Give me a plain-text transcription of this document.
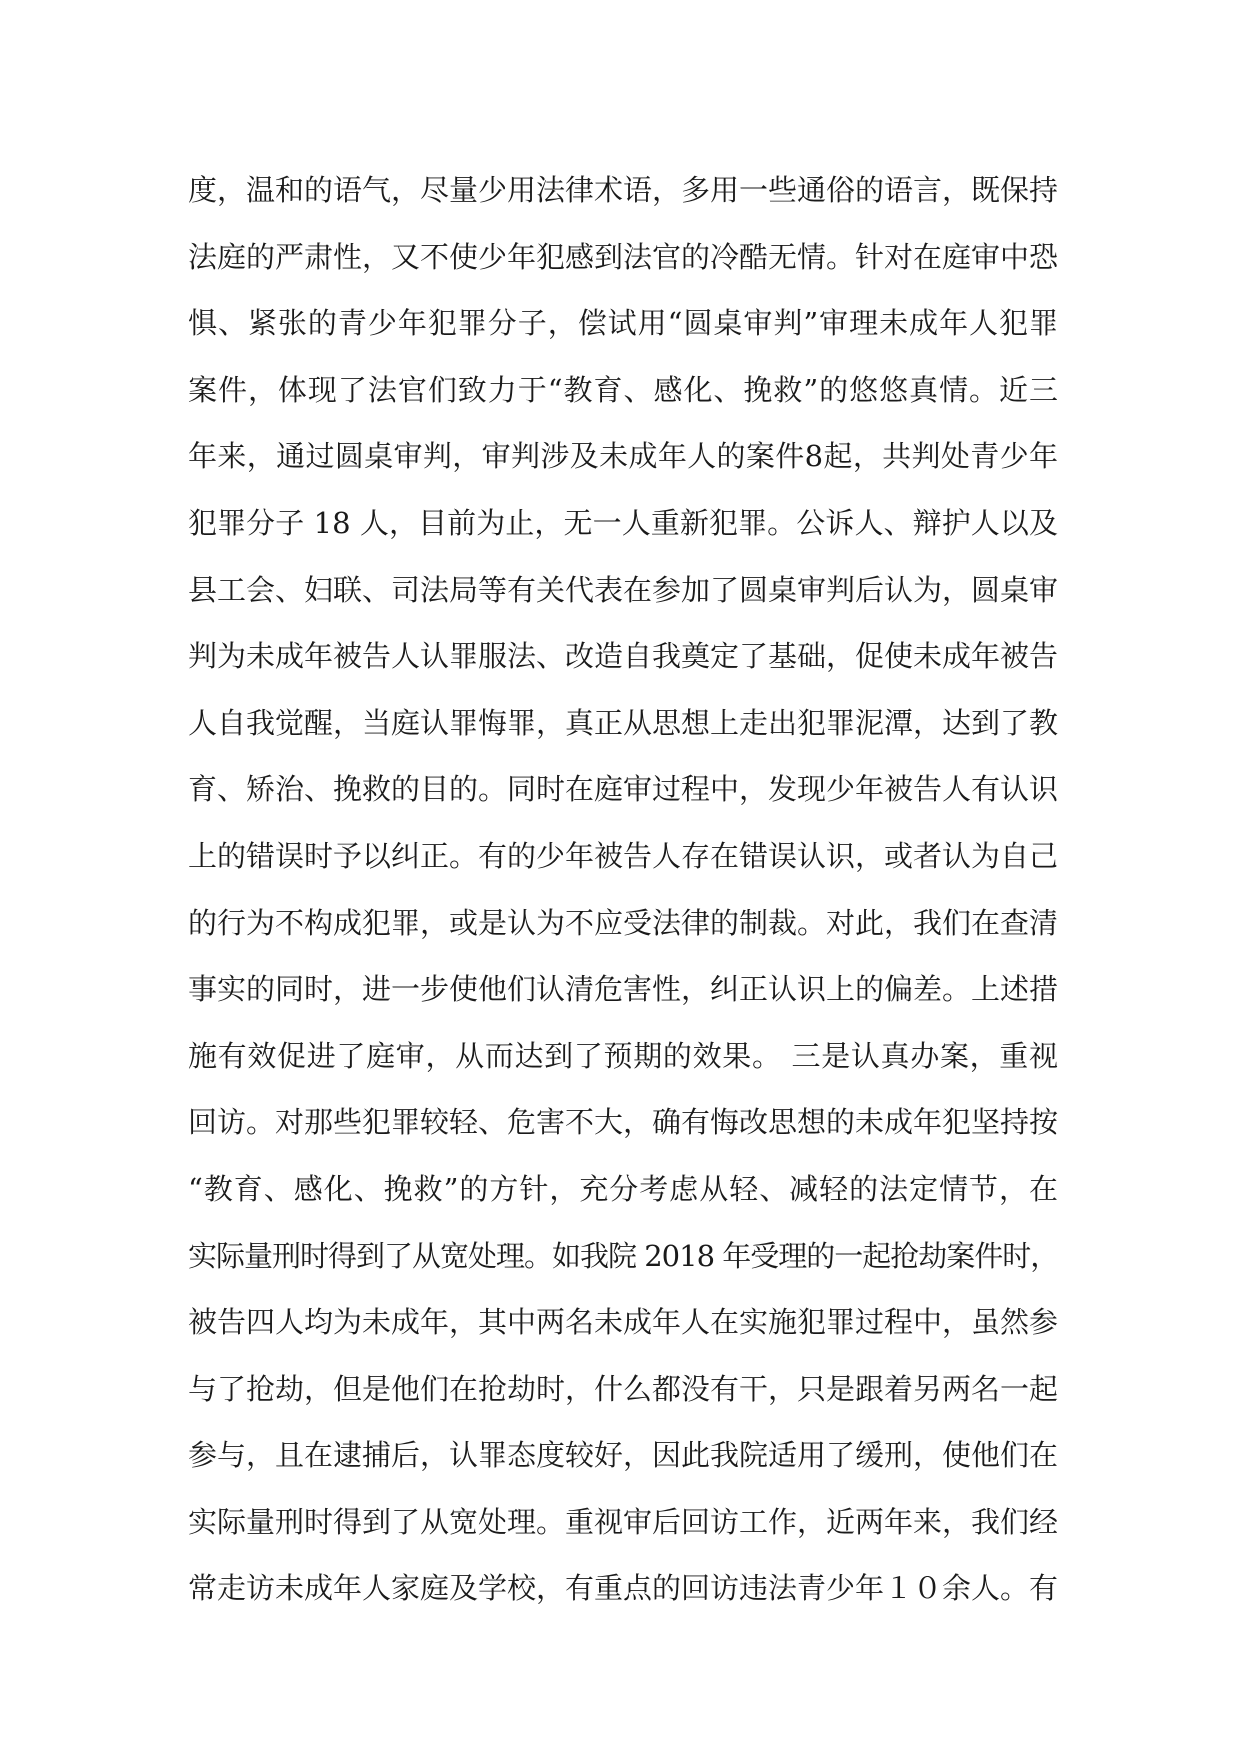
度，温和的语气，尽量少用法律术语，多用一些通俗的语言，既保持
法庭的严肃性，又不使少年犯感到法官的冷酷无情。针对在庭审中恐
惧、紧张的青少年犯罪分子，偿试用“圆桌审判”审理未成年人犯罪
案件，体现了法官们致力于“教育、感化、挽救”的悠悠真情。近三
年来，通过圆桌审判，审判涉及未成年人的案件8起，共判处青少年
犯罪分子 18 人，目前为止，无一人重新犯罪。公诉人、辩护人以及
县工会、妇联、司法局等有关代表在参加了圆桌审判后认为，圆桌审
判为未成年被告人认罪服法、改造自我奠定了基础，促使未成年被告
人自我觉醒，当庭认罪悔罪，真正从思想上走出犯罪泥潭，达到了教
育、矫治、挽救的目的。同时在庭审过程中，发现少年被告人有认识
上的错误时予以纠正。有的少年被告人存在错误认识，或者认为自己
的行为不构成犯罪，或是认为不应受法律的制裁。对此，我们在查清
事实的同时，进一步使他们认清危害性，纠正认识上的偏差。上述措
施有效促进了庭审，从而达到了预期的效果。 三是认真办案，重视
回访。对那些犯罪较轻、危害不大，确有悔改思想的未成年犯坚持按
“教育、感化、挽救”的方针，充分考虑从轻、减轻的法定情节，在
实际量刑时得到了从宽处理。如我院 2018 年受理的一起抢劫案件时，
被告四人均为未成年，其中两名未成年人在实施犯罪过程中，虽然参
与了抢劫，但是他们在抢劫时，什么都没有干，只是跟着另两名一起
参与，且在逮捕后，认罪态度较好，因此我院适用了缓刑，使他们在
实际量刑时得到了从宽处理。重视审后回访工作，近两年来，我们经
常走访未成年人家庭及学校，有重点的回访违法青少年１０余人。有
